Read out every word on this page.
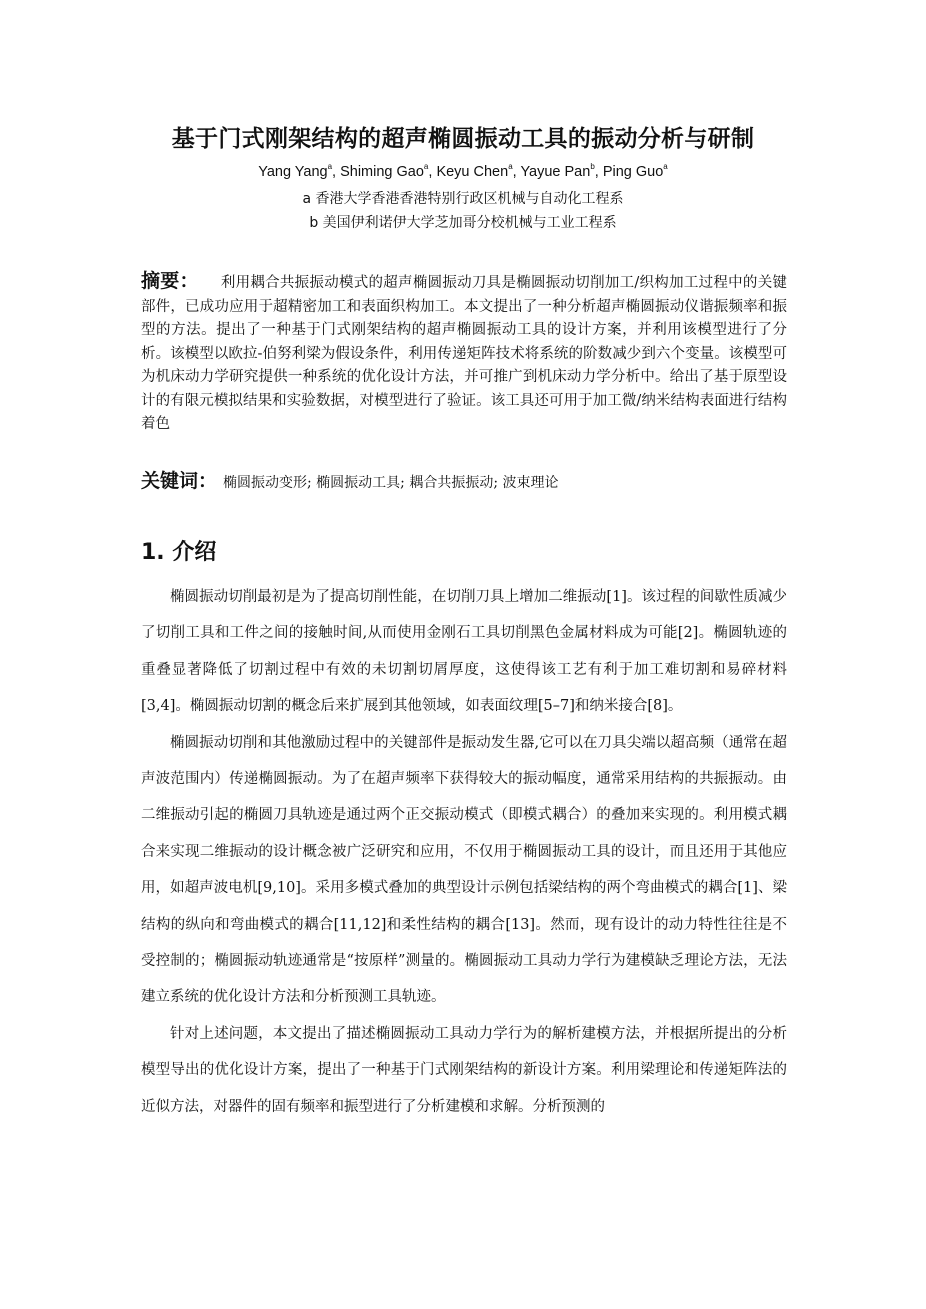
基于门式刚架结构的超声椭圆振动工具的振动分析与研制
Yang Yang$^a$, Shiming Gao$^a$, Keyu Chen$^a$, Yayue Pan$^b$, Ping Guo$^a$
a 香港大学香港香港特别行政区机械与自动化工程系
b 美国伊利诺伊大学芝加哥分校机械与工业工程系
摘要： 利用耦合共振振动模式的超声椭圆振动刀具是椭圆振动切削加工/织构加工过程中的关键部件，已成功应用于超精密加工和表面织构加工。本文提出了一种分析超声椭圆振动仪谐振频率和振型的方法。提出了一种基于门式刚架结构的超声椭圆振动工具的设计方案，并利用该模型进行了分析。该模型以欧拉-伯努利梁为假设条件，利用传递矩阵技术将系统的阶数减少到六个变量。该模型可为机床动力学研究提供一种系统的优化设计方法，并可推广到机床动力学分析中。给出了基于原型设计的有限元模拟结果和实验数据，对模型进行了验证。该工具还可用于加工微/纳米结构表面进行结构着色
关键词： 椭圆振动变形; 椭圆振动工具; 耦合共振振动; 波束理论
1. 介绍

椭圆振动切削最初是为了提高切削性能，在切削刀具上增加二维振动[1]。该过程的间歇性质减少了切削工具和工件之间的接触时间,从而使用金刚石工具切削黑色金属材料成为可能[2]。椭圆轨迹的重叠显著降低了切割过程中有效的未切割切屑厚度，这使得该工艺有利于加工难切割和易碎材料[3,4]。椭圆振动切割的概念后来扩展到其他领域，如表面纹理[5–7]和纳米接合[8]。

椭圆振动切削和其他激励过程中的关键部件是振动发生器,它可以在刀具尖端以超高频（通常在超声波范围内）传递椭圆振动。为了在超声频率下获得较大的振动幅度，通常采用结构的共振振动。由二维振动引起的椭圆刀具轨迹是通过两个正交振动模式（即模式耦合）的叠加来实现的。利用模式耦合来实现二维振动的设计概念被广泛研究和应用，不仅用于椭圆振动工具的设计，而且还用于其他应用，如超声波电机[9,10]。采用多模式叠加的典型设计示例包括梁结构的两个弯曲模式的耦合[1]、梁结构的纵向和弯曲模式的耦合[11,12]和柔性结构的耦合[13]。然而，现有设计的动力特性往往是不受控制的；椭圆振动轨迹通常是“按原样”测量的。椭圆振动工具动力学行为建模缺乏理论方法，无法建立系统的优化设计方法和分析预测工具轨迹。

针对上述问题，本文提出了描述椭圆振动工具动力学行为的解析建模方法，并根据所提出的分析模型导出的优化设计方案，提出了一种基于门式刚架结构的新设计方案。利用梁理论和传递矩阵法的近似方法，对器件的固有频率和振型进行了分析建模和求解。分析预测的
